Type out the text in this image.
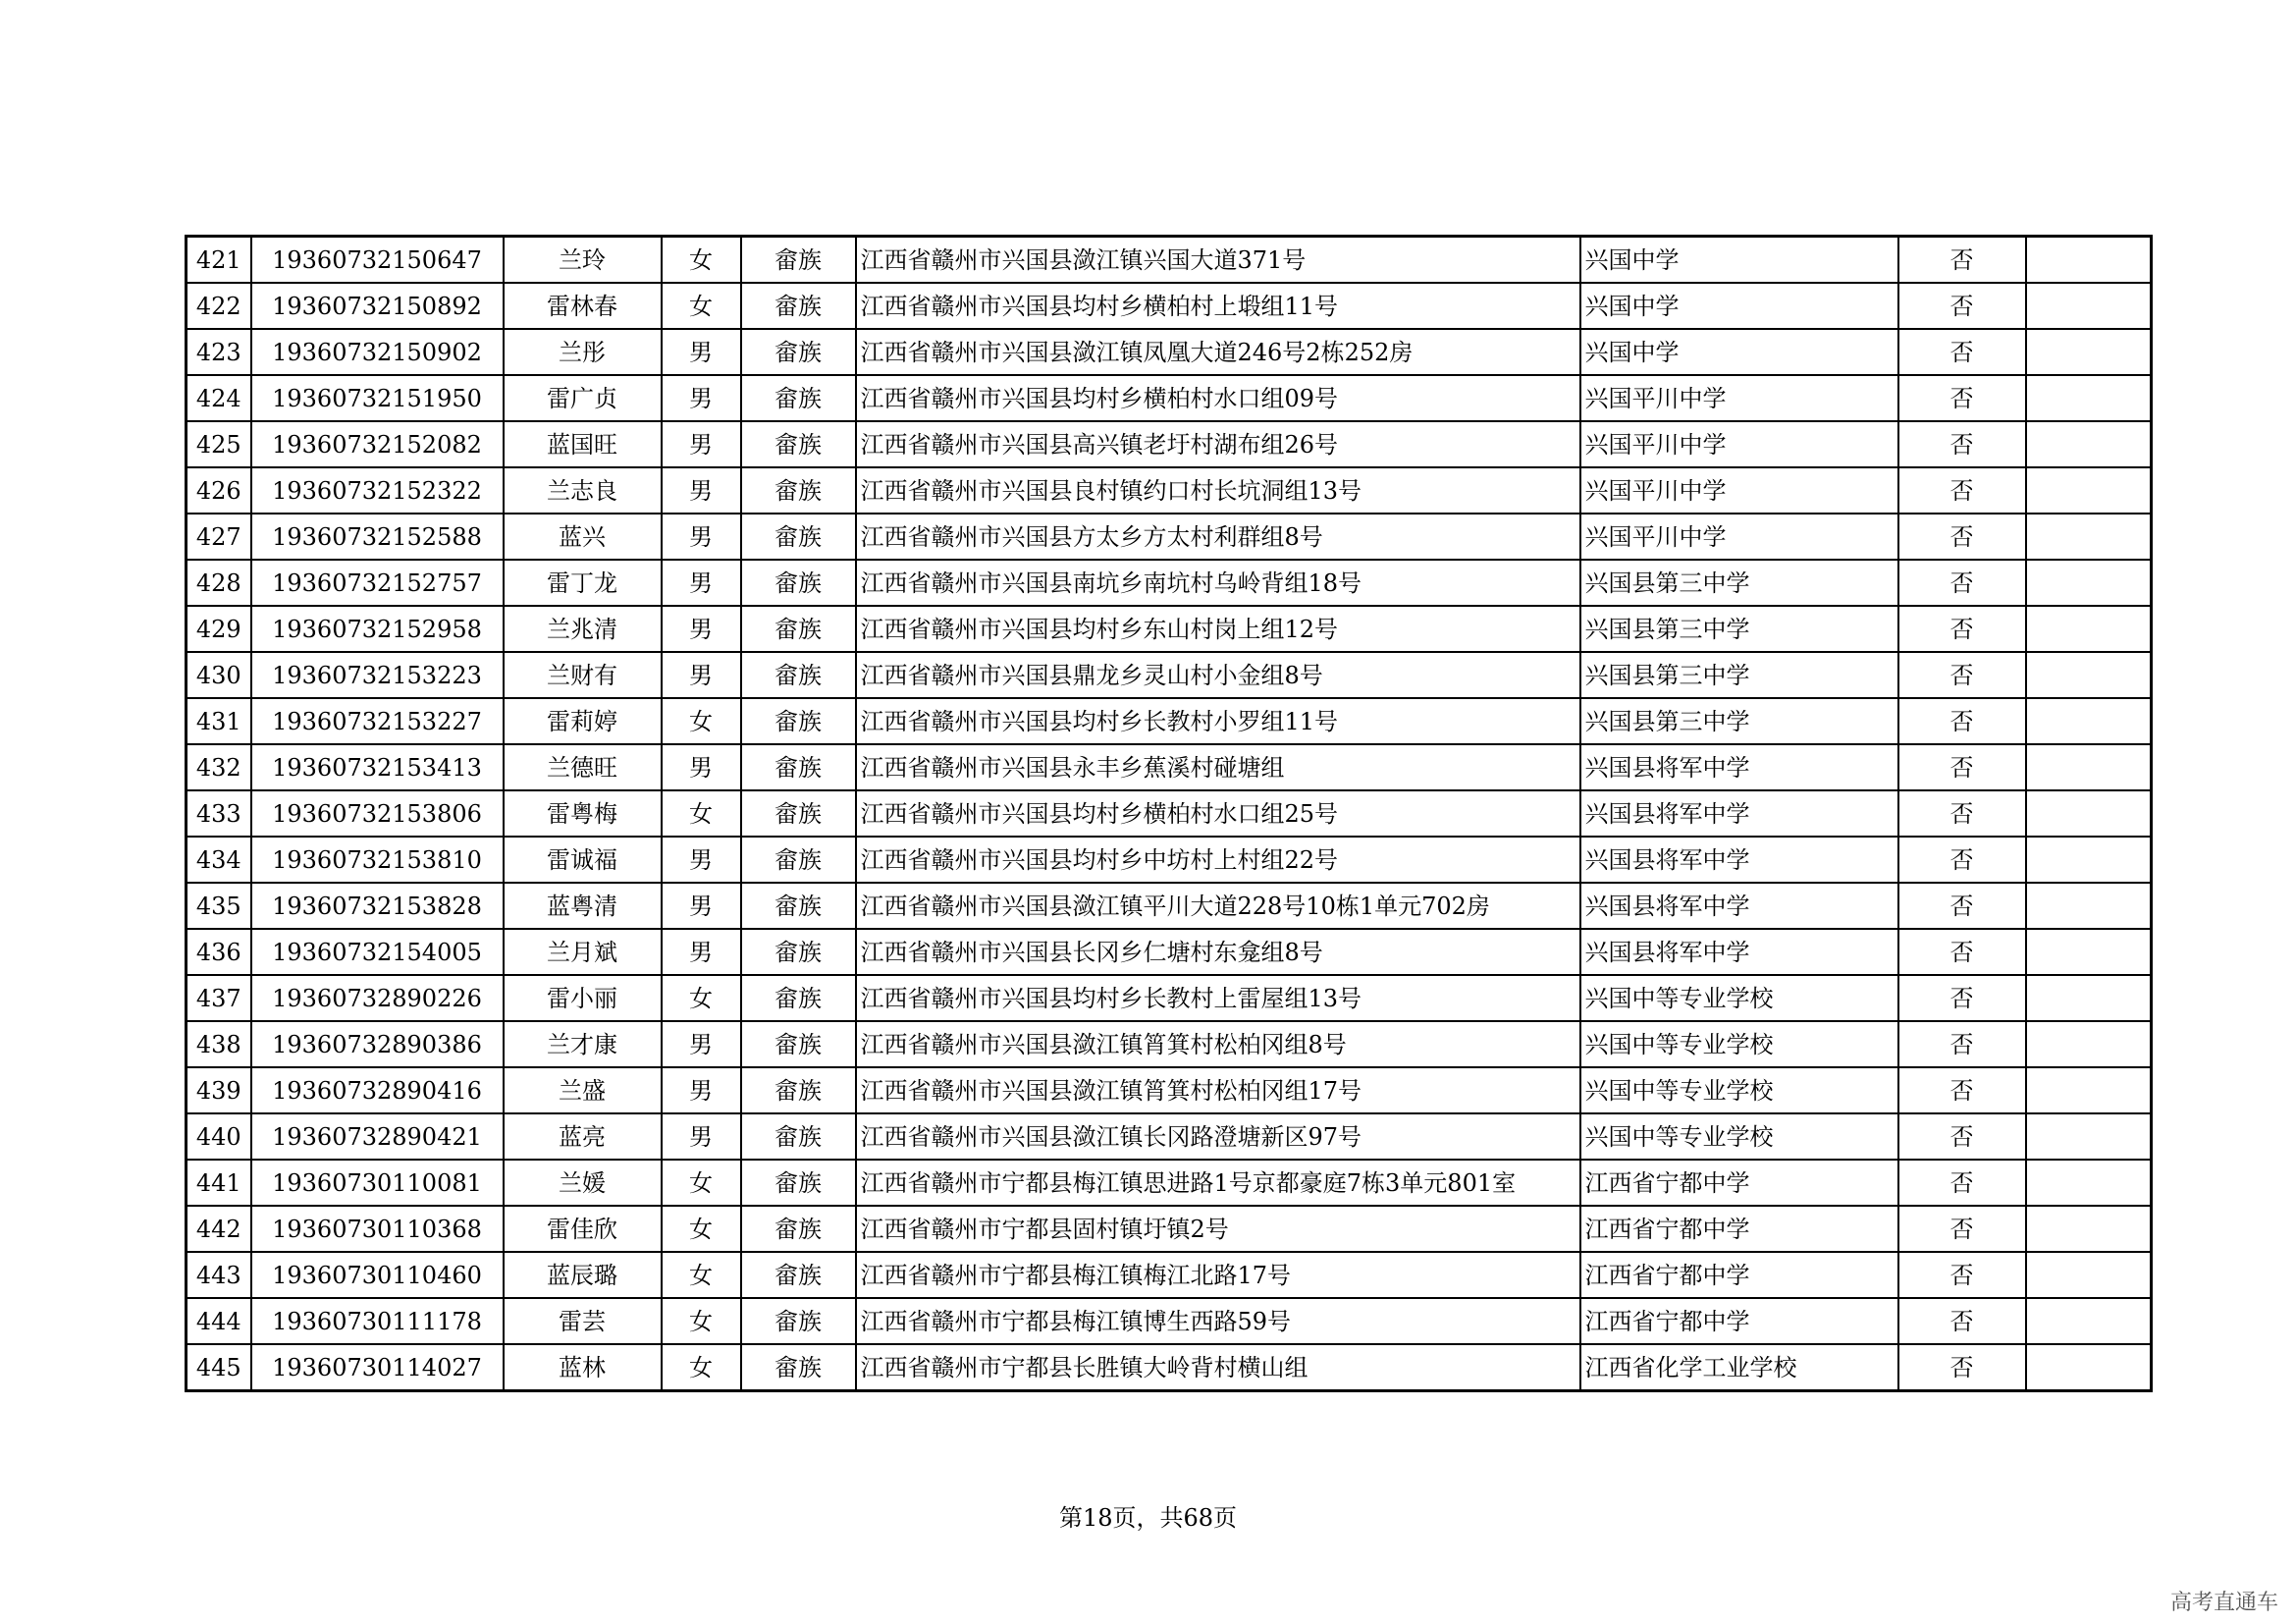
421	19360732150647	兰玲	女	畲族	江西省赣州市兴国县潋江镇兴国大道371号	兴国中学	否	
422	19360732150892	雷林春	女	畲族	江西省赣州市兴国县均村乡横柏村上塅组11号	兴国中学	否	
423	19360732150902	兰彤	男	畲族	江西省赣州市兴国县潋江镇凤凰大道246号2栋252房	兴国中学	否	
424	19360732151950	雷广贞	男	畲族	江西省赣州市兴国县均村乡横柏村水口组09号	兴国平川中学	否	
425	19360732152082	蓝国旺	男	畲族	江西省赣州市兴国县高兴镇老圩村湖布组26号	兴国平川中学	否	
426	19360732152322	兰志良	男	畲族	江西省赣州市兴国县良村镇约口村长坑洞组13号	兴国平川中学	否	
427	19360732152588	蓝兴	男	畲族	江西省赣州市兴国县方太乡方太村利群组8号	兴国平川中学	否	
428	19360732152757	雷丁龙	男	畲族	江西省赣州市兴国县南坑乡南坑村乌岭背组18号	兴国县第三中学	否	
429	19360732152958	兰兆清	男	畲族	江西省赣州市兴国县均村乡东山村岗上组12号	兴国县第三中学	否	
430	19360732153223	兰财有	男	畲族	江西省赣州市兴国县鼎龙乡灵山村小金组8号	兴国县第三中学	否	
431	19360732153227	雷莉婷	女	畲族	江西省赣州市兴国县均村乡长教村小罗组11号	兴国县第三中学	否	
432	19360732153413	兰德旺	男	畲族	江西省赣州市兴国县永丰乡蕉溪村碰塘组	兴国县将军中学	否	
433	19360732153806	雷粤梅	女	畲族	江西省赣州市兴国县均村乡横柏村水口组25号	兴国县将军中学	否	
434	19360732153810	雷诚福	男	畲族	江西省赣州市兴国县均村乡中坊村上村组22号	兴国县将军中学	否	
435	19360732153828	蓝粤清	男	畲族	江西省赣州市兴国县潋江镇平川大道228号10栋1单元702房	兴国县将军中学	否	
436	19360732154005	兰月斌	男	畲族	江西省赣州市兴国县长冈乡仁塘村东龛组8号	兴国县将军中学	否	
437	19360732890226	雷小丽	女	畲族	江西省赣州市兴国县均村乡长教村上雷屋组13号	兴国中等专业学校	否	
438	19360732890386	兰才康	男	畲族	江西省赣州市兴国县潋江镇筲箕村松柏冈组8号	兴国中等专业学校	否	
439	19360732890416	兰盛	男	畲族	江西省赣州市兴国县潋江镇筲箕村松柏冈组17号	兴国中等专业学校	否	
440	19360732890421	蓝亮	男	畲族	江西省赣州市兴国县潋江镇长冈路澄塘新区97号	兴国中等专业学校	否	
441	19360730110081	兰媛	女	畲族	江西省赣州市宁都县梅江镇思进路1号京都豪庭7栋3单元801室	江西省宁都中学	否	
442	19360730110368	雷佳欣	女	畲族	江西省赣州市宁都县固村镇圩镇2号	江西省宁都中学	否	
443	19360730110460	蓝辰璐	女	畲族	江西省赣州市宁都县梅江镇梅江北路17号	江西省宁都中学	否	
444	19360730111178	雷芸	女	畲族	江西省赣州市宁都县梅江镇博生西路59号	江西省宁都中学	否	
445	19360730114027	蓝林	女	畲族	江西省赣州市宁都县长胜镇大岭背村横山组	江西省化学工业学校	否	
第18页，共68页
高考直通车
